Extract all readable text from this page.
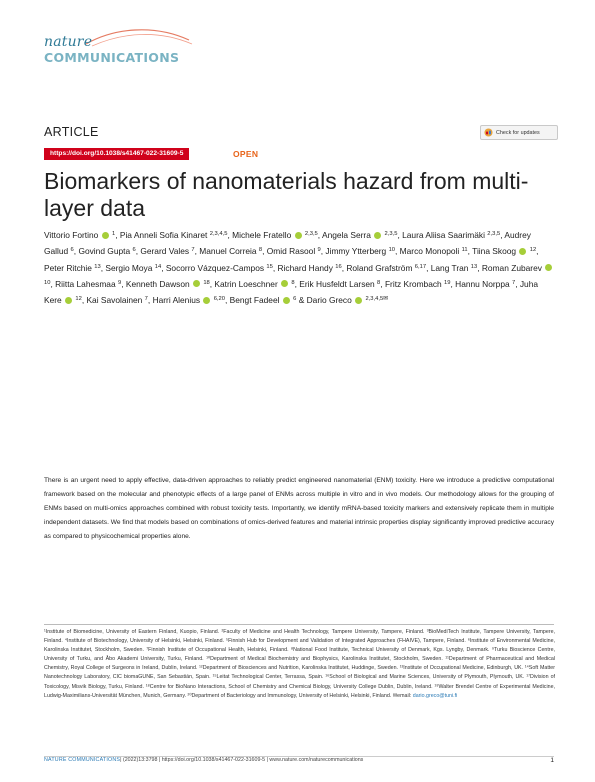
nature
COMMUNICATIONS
ARTICLE	Check for updates
https://doi.org/10.1038/s41467-022-31609-5	OPEN
Biomarkers of nanomaterials hazard from multi-layer data
Vittorio Fortino $^1$, Pia Anneli Sofia Kinaret $^{2,3,4,5}$, Michele Fratello $^{2,3,5}$, Angela Serra $^{2,3,5}$, Laura Aliisa Saarimäki $^{2,3,5}$, Audrey Gallud $^6$, Govind Gupta $^6$, Gerard Vales $^7$, Manuel Correia $^8$, Omid Rasool $^9$, Jimmy Ytterberg $^{10}$, Marco Monopoli $^{11}$, Tiina Skoog $^{12}$, Peter Ritchie $^{13}$, Sergio Moya $^{14}$, Socorro Vázquez-Campos $^{15}$, Richard Handy $^{16}$, Roland Grafström $^{6,17}$, Lang Tran $^{13}$, Roman Zubarev  $^{10}$, Riitta Lahesmaa $^9$, Kenneth Dawson $^{18}$, Katrin Loeschner $^8$, Erik Husfeldt Larsen $^8$, Fritz Krombach $^{19}$, Hannu Norppa $^7$, Juha Kere $^{12}$, Kai Savolainen $^7$, Harri Alenius $^{6,20}$, Bengt Fadeel $^6$ & Dario Greco $^{2,3,4,5✉}$
There is an urgent need to apply effective, data-driven approaches to reliably predict engineered nanomaterial (ENM) toxicity. Here we introduce a predictive computational framework based on the molecular and phenotypic effects of a large panel of ENMs across multiple in vitro and in vivo models. Our methodology allows for the grouping of ENMs based on multi-omics approaches combined with robust toxicity tests. Importantly, we identify mRNA-based toxicity markers and extensively replicate them in multiple independent datasets. We find that models based on combinations of omics-derived features and material intrinsic properties display significantly improved predictive accuracy as compared to physicochemical properties alone.
¹Institute of Biomedicine, University of Eastern Finland, Kuopio, Finland. ²Faculty of Medicine and Health Technology, Tampere University, Tampere, Finland. ³BioMediTech Institute, Tampere University, Tampere, Finland. ⁴Institute of Biotechnology, University of Helsinki, Helsinki, Finland. ⁵Finnish Hub for Development and Validation of Integrated Approaches (FHAIVE), Tampere, Finland. ⁶Institute of Environmental Medicine, Karolinska Institutet, Stockholm, Sweden. ⁷Finnish Institute of Occupational Health, Helsinki, Finland. ⁸National Food Institute, Technical University of Denmark, Kgs. Lyngby, Denmark. ⁹Turku Bioscience Centre, University of Turku, and Åbo Akademi University, Turku, Finland. ¹⁰Department of Medical Biochemistry and Biophysics, Karolinska Institutet, Stockholm, Sweden. ¹¹Department of Pharmaceutical and Medical Chemistry, Royal College of Surgeons in Ireland, Dublin, Ireland. ¹²Department of Biosciences and Nutrition, Karolinska Institutet, Huddinge, Sweden. ¹³Institute of Occupational Medicine, Edinburgh, UK. ¹⁴Soft Matter Nanotechnology Laboratory, CIC biomaGUNE, San Sebastián, Spain. ¹⁵Leitat Technological Center, Terrassa, Spain. ¹⁶School of Biological and Marine Sciences, University of Plymouth, Plymouth, UK. ¹⁷Division of Toxicology, Misvik Biology, Turku, Finland. ¹⁸Centre for BioNano Interactions, School of Chemistry and Chemical Biology, University College Dublin, Dublin, Ireland. ¹⁹Walter Brendel Centre of Experimental Medicine, Ludwig-Maximilians-Universität München, Munich, Germany. ²⁰Department of Bacteriology and Immunology, University of Helsinki, Helsinki, Finland. ✉email: dario.greco@tuni.fi
NATURE COMMUNICATIONS | (2022)13:3798 | https://doi.org/10.1038/s41467-022-31609-5 | www.nature.com/naturecommunications	1
